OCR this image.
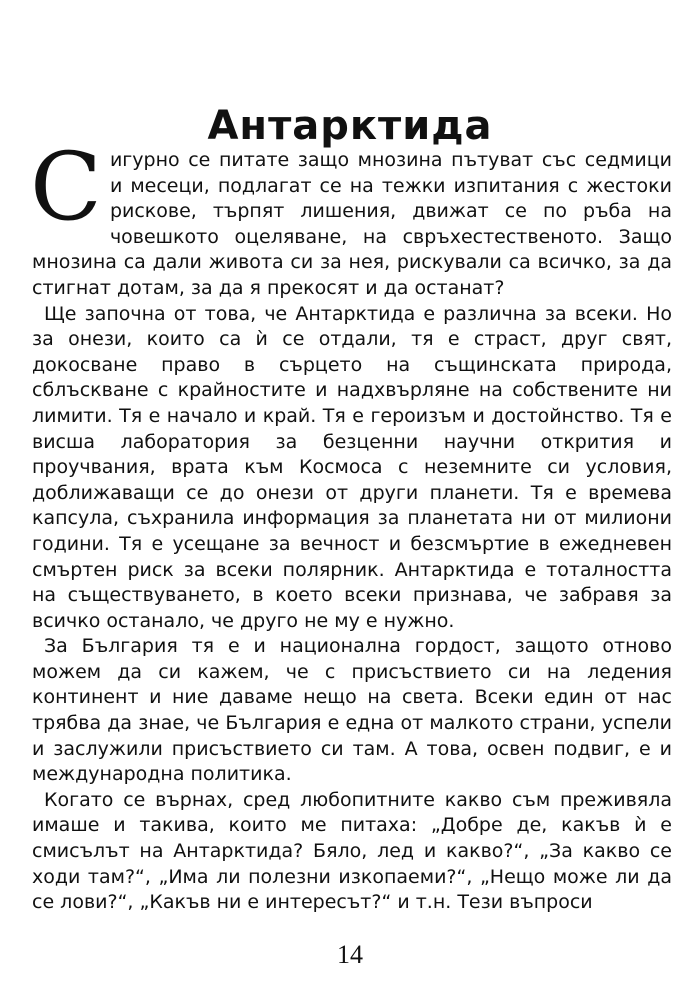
Антарктида

Сигурно се питате защо мнозина пътуват със седмици и месеци, подлагат се на тежки изпитания с жестоки рискове, търпят лишения, движат се по ръба на човешкото оцеляване, на свръхестественото. Защо мнозина са дали живота си за нея, рискували са всичко, за да стигнат дотам, за да я прекосят и да останат?

Ще започна от това, че Антарктида е различна за всеки. Но за онези, които са ѝ се отдали, тя е страст, друг свят, докосване право в сърцето на същинската природа, сблъскване с крайностите и надхвърляне на собствените ни лимити. Тя е начало и край. Тя е героизъм и достойнство. Тя е висша лаборатория за безценни научни открития и проучвания, врата към Космоса с неземните си условия, доближаващи се до онези от други планети. Тя е времева капсула, съхранила информация за планетата ни от милиони години. Тя е усещане за вечност и безсмъртие в ежедневен смъртен риск за всеки полярник. Антарктида е тоталността на съществуването, в което всеки признава, че забравя за всичко останало, че друго не му е нужно.

За България тя е и национална гордост, защото отново можем да си кажем, че с присъствието си на ледения континент и ние даваме нещо на света. Всеки един от нас трябва да знае, че България е една от малкото страни, успели и заслужили присъствието си там. А това, освен подвиг, е и международна политика.

Когато се върнах, сред любопитните какво съм преживяла имаше и такива, които ме питаха: „Добре де, какъв ѝ е смисълът на Антарктида? Бяло, лед и какво?“, „За какво се ходи там?“, „Има ли полезни изкопаеми?“, „Нещо може ли да се лови?“, „Какъв ни е интересът?“ и т.н. Тези въпроси

14
